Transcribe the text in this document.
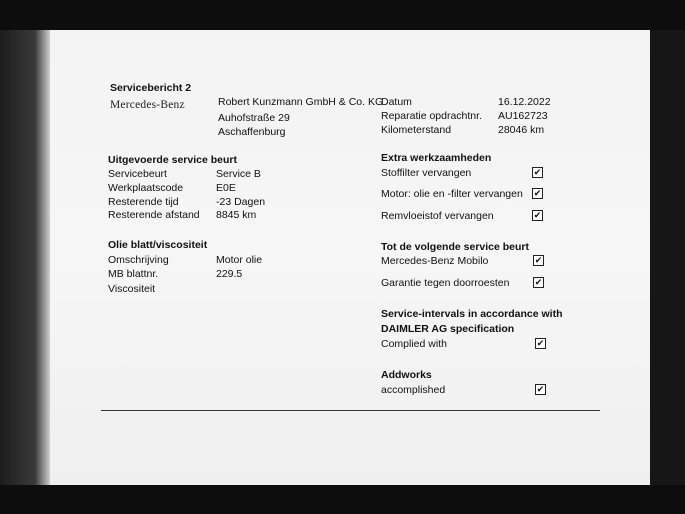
Servicebericht 2
Mercedes-Benz	Robert Kunzmann GmbH & Co. KG
Auhofstraße 29
Aschaffenburg
Datum	16.12.2022
Reparatie opdrachtnr. AU162723
Kilometerstand	28046 km
Uitgevoerde service beurt
Servicebeurt	Service B
Werkplaatscode	E0E
Resterende tijd	-23 Dagen
Resterende afstand 8845 km
Olie blatt/viscositeit
Omschrijving	Motor olie
MB blattnr.	229.5
Viscositeit
Extra werkzaamheden
Stoffilter vervangen	✔
Motor: olie en -filter vervangen ✔
Remvloeistof vervangen	✔
Tot de volgende service beurt
Mercedes-Benz Mobilo	✔
Garantie tegen doorroesten	✔
Service-intervals in accordance with
DAIMLER AG specification
Complied with	✔
Addworks
accomplished	✔
